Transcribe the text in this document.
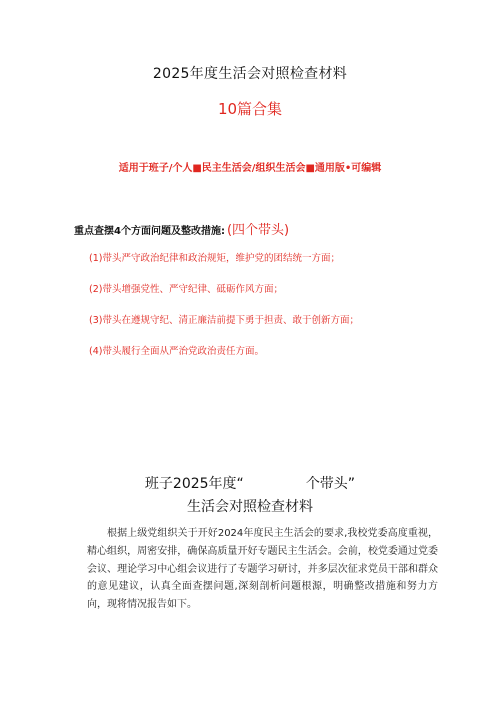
2025年度生活会对照检查材料
10篇合集
适用于班子/个人■民主生活会/组织生活会■通用版•可编辑
重点查摆4个方面问题及整改措施: (四个带头)
(1)带头严守政治纪律和政治规矩，维护党的团结统一方面；
(2)带头增强党性、严守纪律、砥砺作风方面；
(3)带头在遵规守纪、清正廉洁前提下勇于担责、敢于创新方面；
(4)带头履行全面从严治党政治责任方面。
班子2025年度“	个带头”
生活会对照检查材料
根据上级党组织关于开好2024年度民主生活会的要求,我校党委高度重视，精心组织，周密安排，确保高质量开好专题民主生活会。会前，校党委通过党委会议、理论学习中心组会议进行了专题学习研讨，并多层次征求党员干部和群众的意见建议，认真全面查摆问题,深刻剖析问题根源，明确整改措施和努力方向，现将情况报告如下。
